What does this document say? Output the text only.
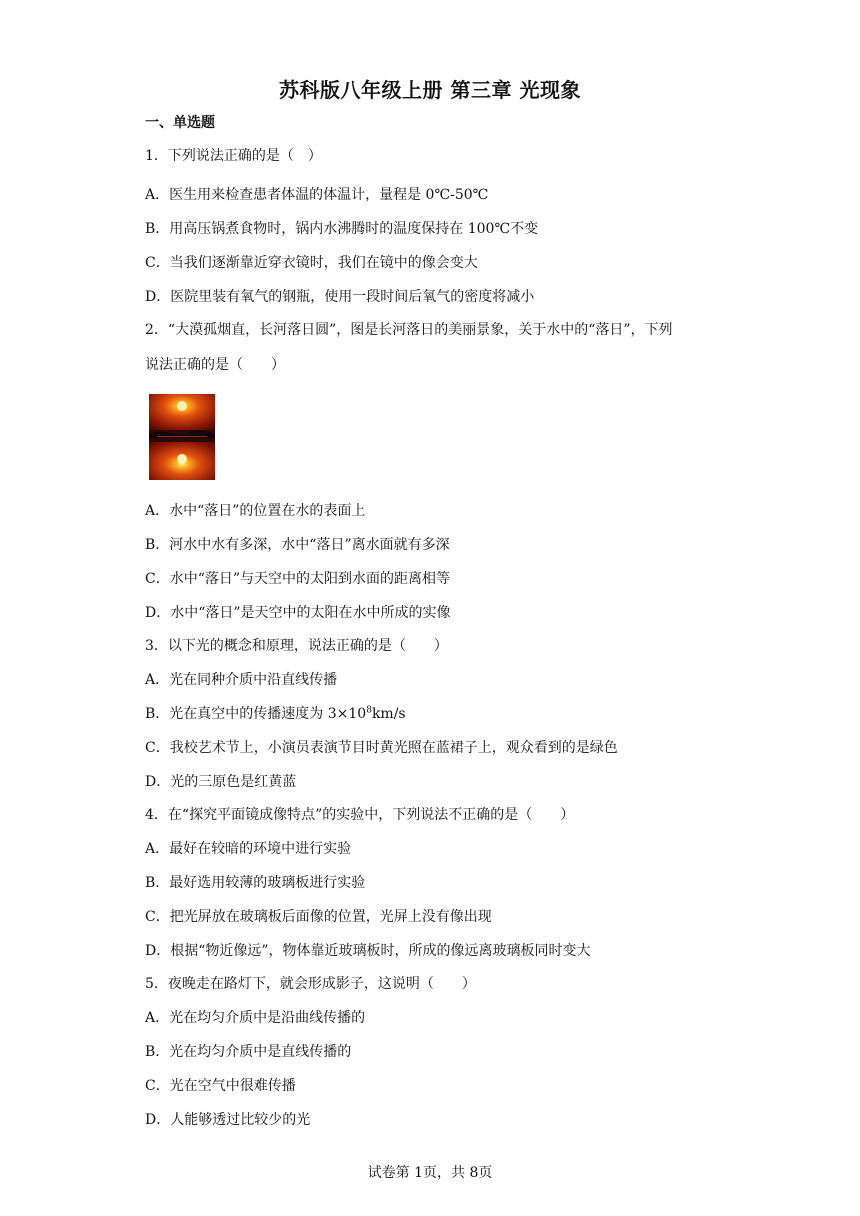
苏科版八年级上册 第三章 光现象
一、单选题
1．下列说法正确的是（　）
A．医生用来检查患者体温的体温计，量程是 0℃-50℃
B．用高压锅煮食物时，锅内水沸腾时的温度保持在 100℃不变
C．当我们逐渐靠近穿衣镜时，我们在镜中的像会变大
D．医院里装有氧气的钢瓶，使用一段时间后氧气的密度将减小
2．“大漠孤烟直，长河落日圆”，图是长河落日的美丽景象，关于水中的“落日”，下列
说法正确的是（　　）
A．水中“落日”的位置在水的表面上
B．河水中水有多深，水中“落日”离水面就有多深
C．水中“落日”与天空中的太阳到水面的距离相等
D．水中“落日”是天空中的太阳在水中所成的实像
3．以下光的概念和原理，说法正确的是（　　）
A．光在同种介质中沿直线传播
B．光在真空中的传播速度为 $3\times 10^8km/s$
C．我校艺术节上，小演员表演节目时黄光照在蓝裙子上，观众看到的是绿色
D．光的三原色是红黄蓝
4．在“探究平面镜成像特点”的实验中，下列说法不正确的是（　　）
A．最好在较暗的环境中进行实验
B．最好选用较薄的玻璃板进行实验
C．把光屏放在玻璃板后面像的位置，光屏上没有像出现
D．根据“物近像远”，物体靠近玻璃板时，所成的像远离玻璃板同时变大
5．夜晚走在路灯下，就会形成影子，这说明（　　）
A．光在均匀介质中是沿曲线传播的
B．光在均匀介质中是直线传播的
C．光在空气中很难传播
D．人能够透过比较少的光
试卷第 1页，共 8页
